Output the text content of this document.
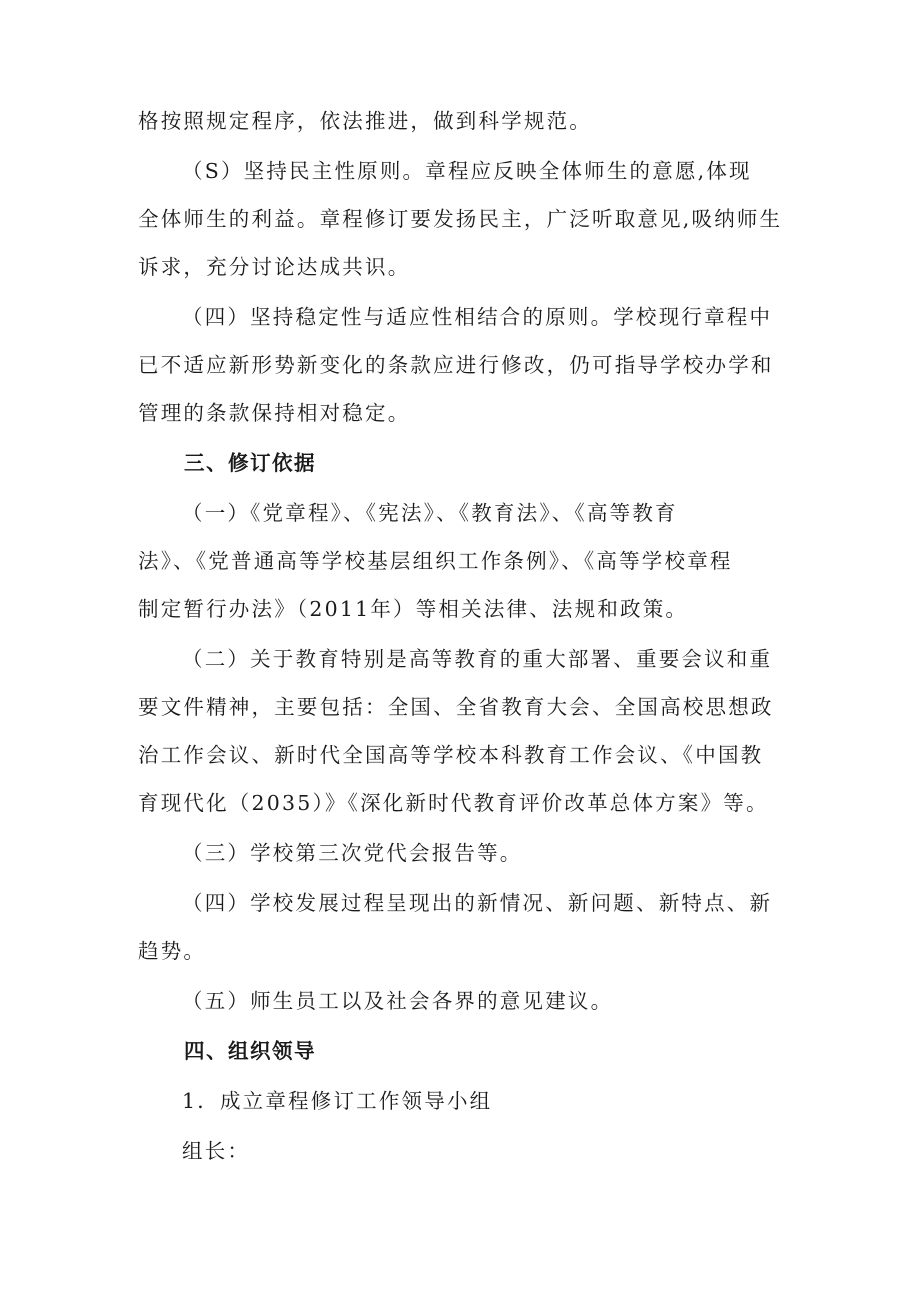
格按照规定程序，依法推进，做到科学规范。
（S）坚持民主性原则。章程应反映全体师生的意愿,体现
全体师生的利益。章程修订要发扬民主，广泛听取意见,吸纳师生
诉求，充分讨论达成共识。
（四）坚持稳定性与适应性相结合的原则。学校现行章程中
已不适应新形势新变化的条款应进行修改，仍可指导学校办学和
管理的条款保持相对稳定。
三、修订依据
（一）《党章程》、《宪法》、《教育法》、《高等教育
法》、《党普通高等学校基层组织工作条例》、《高等学校章程
制定暂行办法》（2011年）等相关法律、法规和政策。
（二）关于教育特别是高等教育的重大部署、重要会议和重
要文件精神，主要包括：全国、全省教育大会、全国高校思想政
治工作会议、新时代全国高等学校本科教育工作会议、《中国教
育现代化（2035）》《深化新时代教育评价改革总体方案》等。
（三）学校第三次党代会报告等。
（四）学校发展过程呈现出的新情况、新问题、新特点、新
趋势。
（五）师生员工以及社会各界的意见建议。
四、组织领导
1．成立章程修订工作领导小组
组长：
